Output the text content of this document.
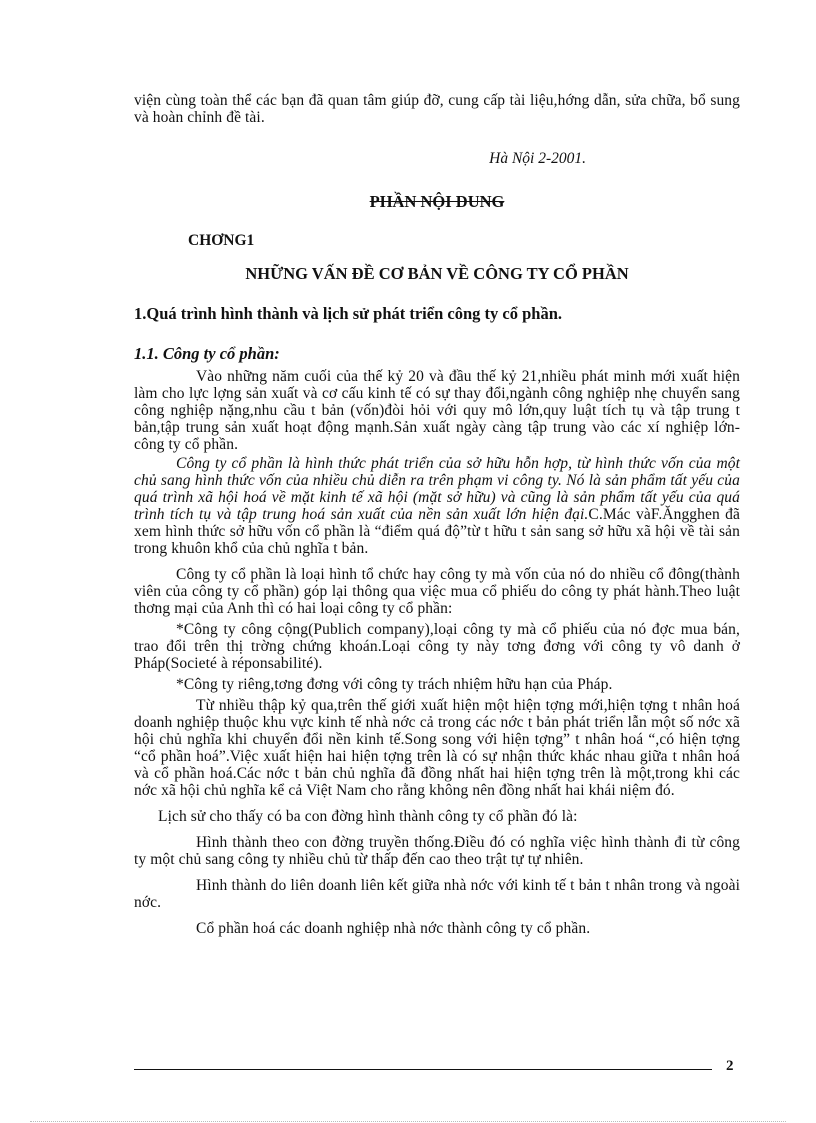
viện cùng toàn thể các bạn đã quan tâm giúp đỡ, cung cấp tài liệu,hớng dẫn, sửa chữa, bổ sung và hoàn chỉnh đề tài.

Hà Nội 2-2001.

PHẦN NỘI DUNG
CHƠNG1
NHỮNG VẤN ĐỀ CƠ BẢN VỀ CÔNG TY CỔ PHẦN
1.Quá trình hình thành và lịch sử phát triển công ty cổ phần.
1.1. Công ty cổ phần:

Vào những năm cuối của thế kỷ 20 và đầu thế kỷ 21,nhiều phát minh mới xuất hiện làm cho lực lợng sản xuất và cơ cấu kinh tế có sự thay đổi,ngành công nghiệp nhẹ chuyển sang công nghiệp nặng,nhu cầu t bản (vốn)đòi hỏi với quy mô lớn,quy luật tích tụ và tập trung t bản,tập trung sản xuất hoạt động mạnh.Sản xuất ngày càng tập trung vào các xí nghiệp lớn-công ty cổ phần.

Công ty cổ phần là hình thức phát triển của sở hữu hỗn hợp, từ hình thức vốn của một chủ sang hình thức vốn của nhiều chủ diễn ra trên phạm vi công ty. Nó là sản phẩm tất yếu của quá trình xã hội hoá về mặt kinh tế xã hội (mặt sở hữu) và cũng là sản phẩm tất yếu của quá trình tích tụ và tập trung hoá sản xuất của nền sản xuất lớn hiện đại.C.Mác vàF.Ăngghen đã xem hình thức sở hữu vốn cổ phần là “điểm quá độ”từ t hữu t sản sang sở hữu xã hội về tài sản trong khuôn khổ của chủ nghĩa t bản.

Công ty cổ phần là loại hình tổ chức hay công ty mà vốn của nó do nhiều cổ đông(thành viên của công ty cổ phần) góp lại thông qua việc mua cổ phiếu do công ty phát hành.Theo luật thơng mại của Anh thì có hai loại công ty cổ phần:

*Công ty công cộng(Publich company),loại công ty mà cổ phiếu của nó đợc mua bán, trao đổi trên thị trờng chứng khoán.Loại công ty này tơng đơng với công ty vô danh ở Pháp(Societé à réponsabilité).

*Công ty riêng,tơng đơng với công ty trách nhiệm hữu hạn của Pháp.

Từ nhiều thập kỷ qua,trên thế giới xuất hiện một hiện tợng mới,hiện tợng t nhân hoá doanh nghiệp thuộc khu vực kinh tế nhà nớc cả trong các nớc t bản phát triển lẫn một số nớc xã hội chủ nghĩa khi chuyển đổi nền kinh tế.Song song với hiện tợng” t nhân hoá “,có hiện tợng “cổ phần hoá”.Việc xuất hiện hai hiện tợng trên là có sự nhận thức khác nhau giữa t nhân hoá và cổ phần hoá.Các nớc t bản chủ nghĩa đã đồng nhất hai hiện tợng trên là một,trong khi các nớc xã hội chủ nghĩa kể cả Việt Nam cho rằng không nên đồng nhất hai khái niệm đó.

Lịch sử cho thấy có ba con đờng hình thành công ty cổ phần đó là:

Hình thành theo con đờng truyền thống.Điều đó có nghĩa việc hình thành đi từ công ty một chủ sang công ty nhiều chủ từ thấp đến cao theo trật tự tự nhiên.

Hình thành do liên doanh liên kết giữa nhà nớc với kinh tế t bản t nhân trong và ngoài nớc.

Cổ phần hoá các doanh nghiệp nhà nớc thành công ty cổ phần.

2
